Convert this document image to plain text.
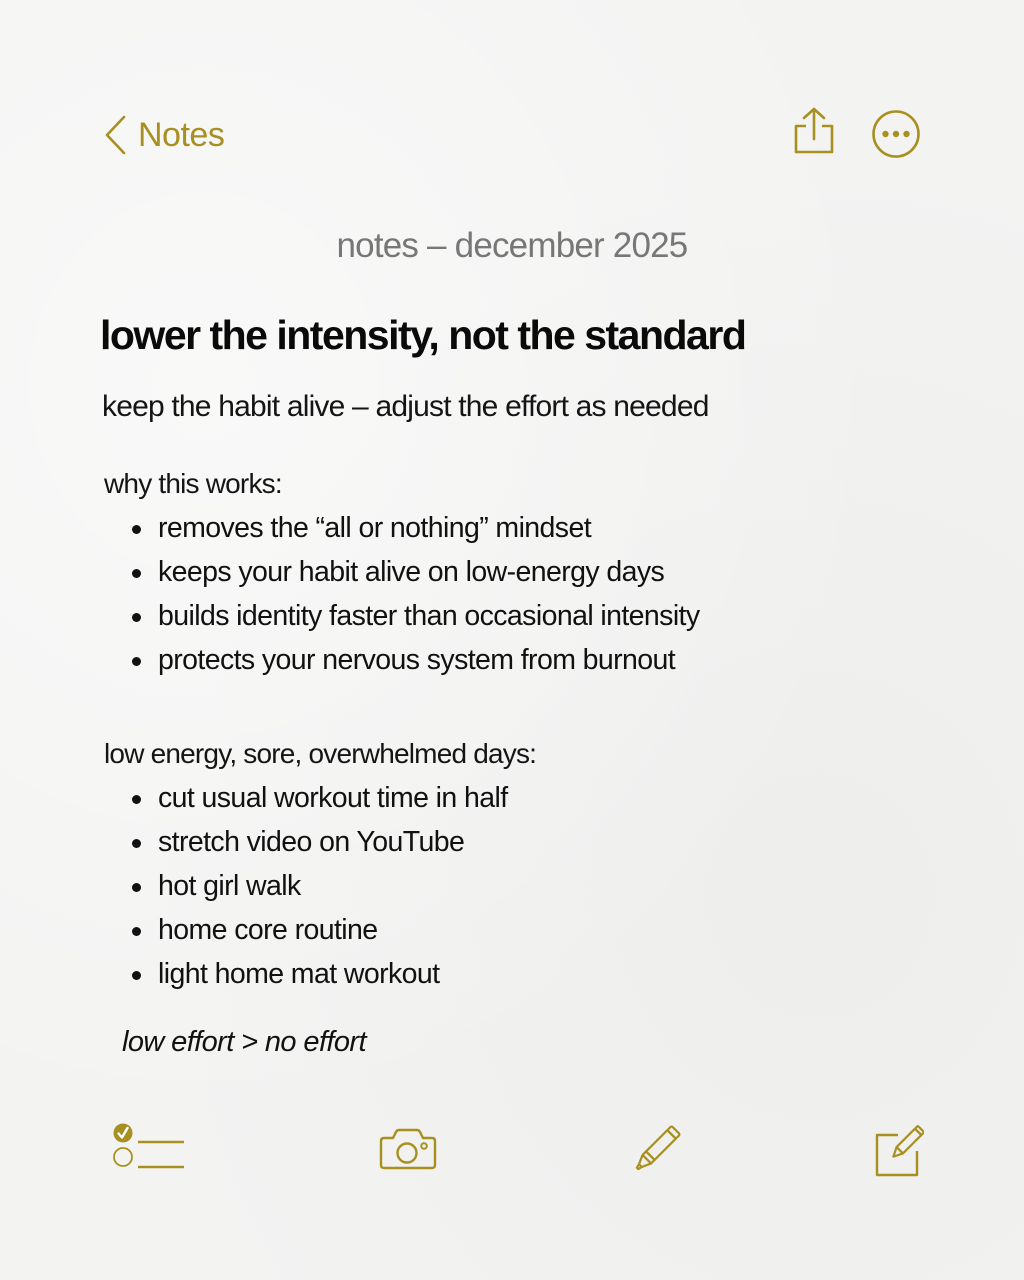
Notes
notes – december 2025
lower the intensity, not the standard
keep the habit alive – adjust the effort as needed
why this works:
removes the “all or nothing” mindset
keeps your habit alive on low-energy days
builds identity faster than occasional intensity
protects your nervous system from burnout
low energy, sore, overwhelmed days:
cut usual workout time in half
stretch video on YouTube
hot girl walk
home core routine
light home mat workout
low effort > no effort
